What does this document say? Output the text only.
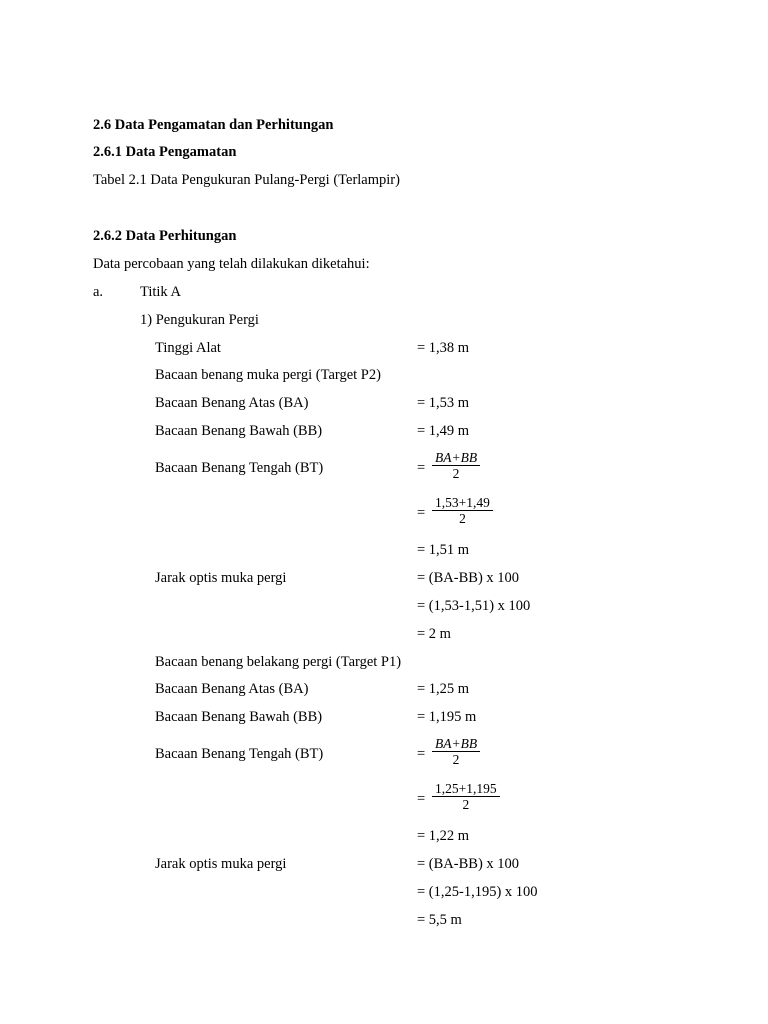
2.6 Data Pengamatan dan Perhitungan
2.6.1 Data Pengamatan
Tabel 2.1 Data Pengukuran Pulang-Pergi (Terlampir)
2.6.2 Data Perhitungan
Data percobaan yang telah dilakukan diketahui:
a.	Titik A
1) Pengukuran Pergi
Tinggi Alat	= 1,38 m
Bacaan benang muka pergi (Target P2)
Bacaan Benang Atas (BA)	= 1,53 m
Bacaan Benang Bawah (BB)	= 1,49 m
Bacaan Benang Tengah (BT)	= $\frac{BA+BB}{2}$
= $\frac{1,53+1,49}{2}$
= 1,51 m
Jarak optis muka pergi	= (BA-BB) x 100
= (1,53-1,51) x 100
= 2 m
Bacaan benang belakang pergi (Target P1)
Bacaan Benang Atas (BA)	= 1,25 m
Bacaan Benang Bawah (BB)	= 1,195 m
Bacaan Benang Tengah (BT)	= $\frac{BA+BB}{2}$
= $\frac{1,25+1,195}{2}$
= 1,22 m
Jarak optis muka pergi	= (BA-BB) x 100
= (1,25-1,195) x 100
= 5,5 m
